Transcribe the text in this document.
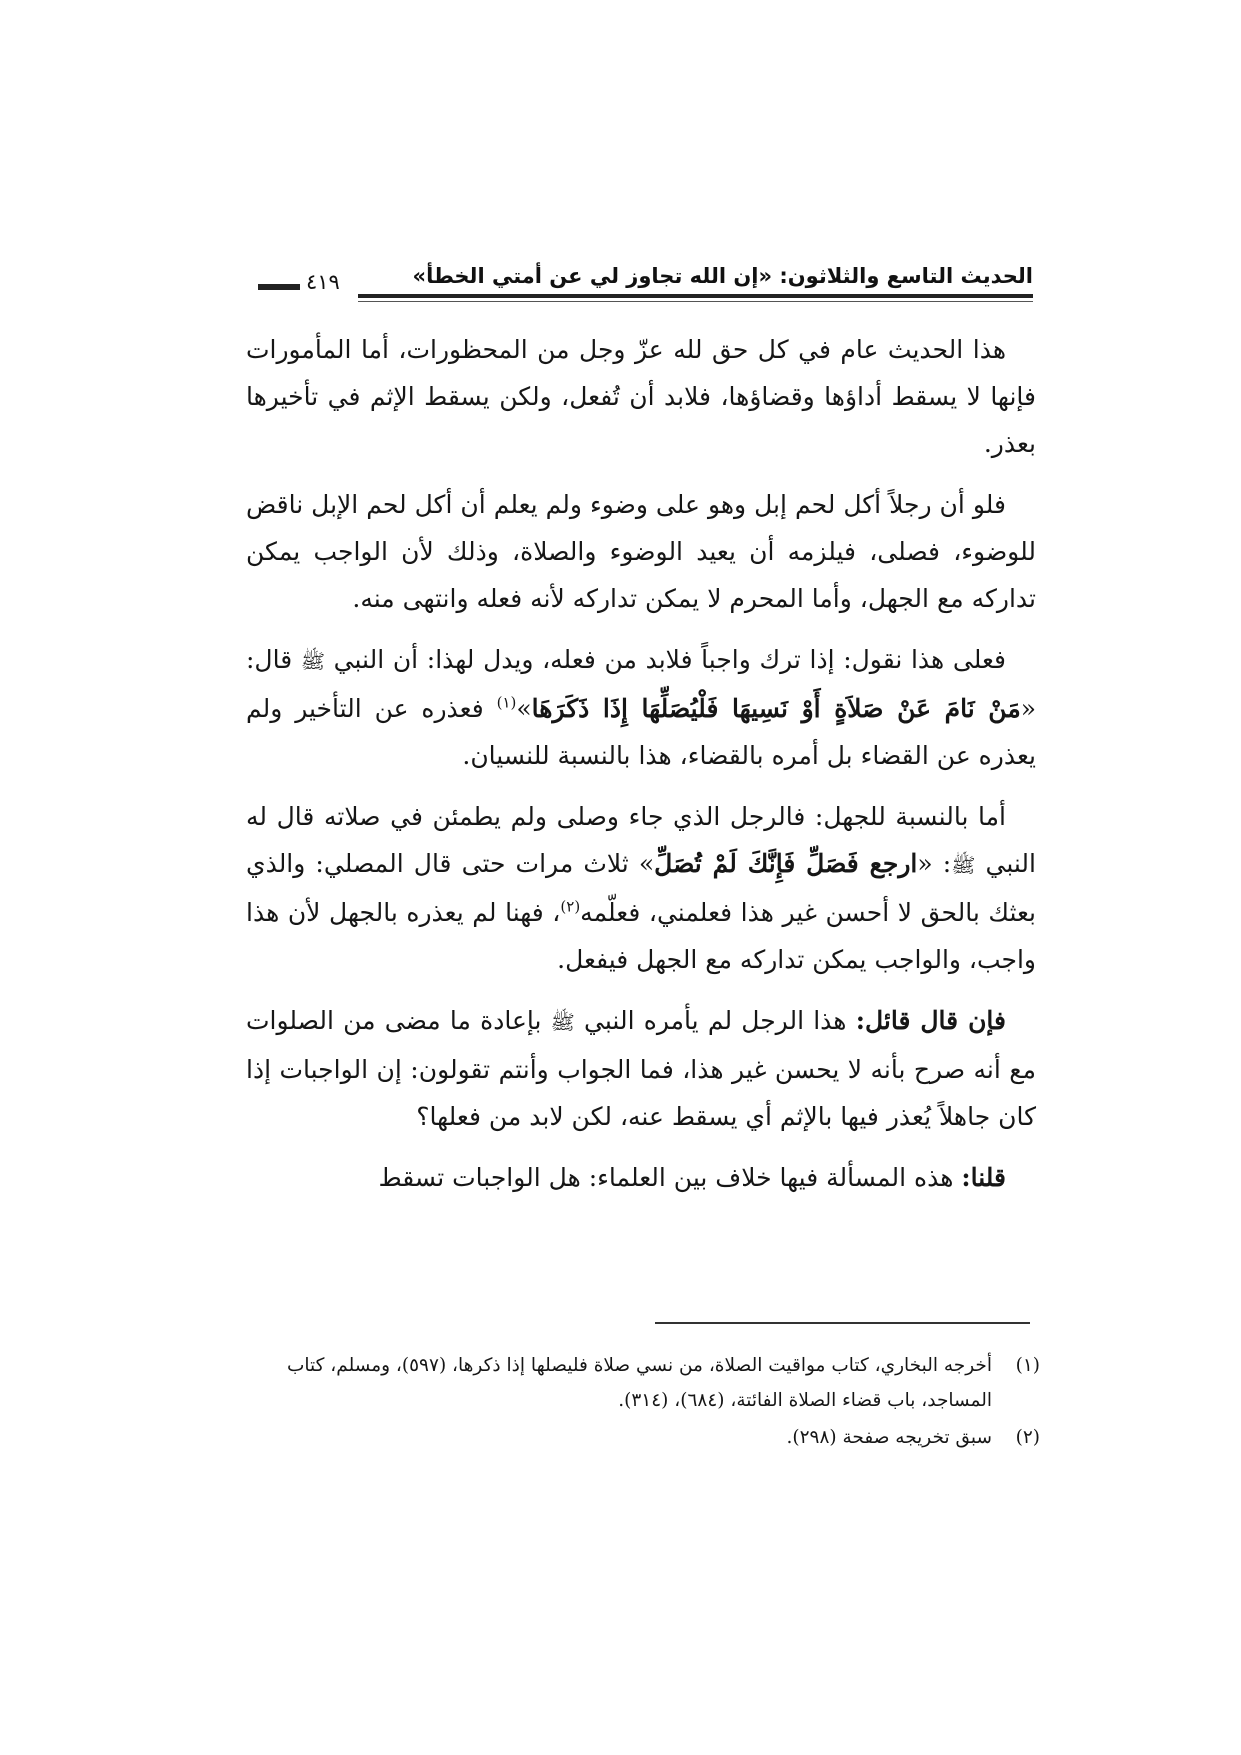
الحديث التاسع والثلاثون: «إن الله تجاوز لي عن أمتي الخطأ»
٤١٩

هذا الحديث عام في كل حق لله عزّ وجل من المحظورات، أما المأمورات فإنها لا يسقط أداؤها وقضاؤها، فلابد أن تُفعل، ولكن يسقط الإثم في تأخيرها بعذر.

فلو أن رجلاً أكل لحم إبل وهو على وضوء ولم يعلم أن أكل لحم الإبل ناقض للوضوء، فصلى، فيلزمه أن يعيد الوضوء والصلاة، وذلك لأن الواجب يمكن تداركه مع الجهل، وأما المحرم لا يمكن تداركه لأنه فعله وانتهى منه.

فعلى هذا نقول: إذا ترك واجباً فلابد من فعله، ويدل لهذا: أن النبي ﷺ قال: «مَنْ نَامَ عَنْ صَلاَةٍ أَوْ نَسِيهَا فَلْيُصَلِّهَا إِذَا ذَكَرَهَا»$^{(١)}$ فعذره عن التأخير ولم يعذره عن القضاء بل أمره بالقضاء، هذا بالنسبة للنسيان.

أما بالنسبة للجهل: فالرجل الذي جاء وصلى ولم يطمئن في صلاته قال له النبي ﷺ: «ارجع فَصَلِّ فَإِنَّكَ لَمْ تُصَلِّ» ثلاث مرات حتى قال المصلي: والذي بعثك بالحق لا أحسن غير هذا فعلمني، فعلّمه$^{(٢)}$، فهنا لم يعذره بالجهل لأن هذا واجب، والواجب يمكن تداركه مع الجهل فيفعل.

فإن قال قائل: هذا الرجل لم يأمره النبي ﷺ بإعادة ما مضى من الصلوات مع أنه صرح بأنه لا يحسن غير هذا، فما الجواب وأنتم تقولون: إن الواجبات إذا كان جاهلاً يُعذر فيها بالإثم أي يسقط عنه، لكن لابد من فعلها؟

قلنا: هذه المسألة فيها خلاف بين العلماء: هل الواجبات تسقط

(١)
أخرجه البخاري، كتاب مواقيت الصلاة، من نسي صلاة فليصلها إذا ذكرها، (٥٩٧)، ومسلم، كتاب المساجد، باب قضاء الصلاة الفائتة، (٦٨٤)، (٣١٤).
(٢)
سبق تخريجه صفحة (٢٩٨).
